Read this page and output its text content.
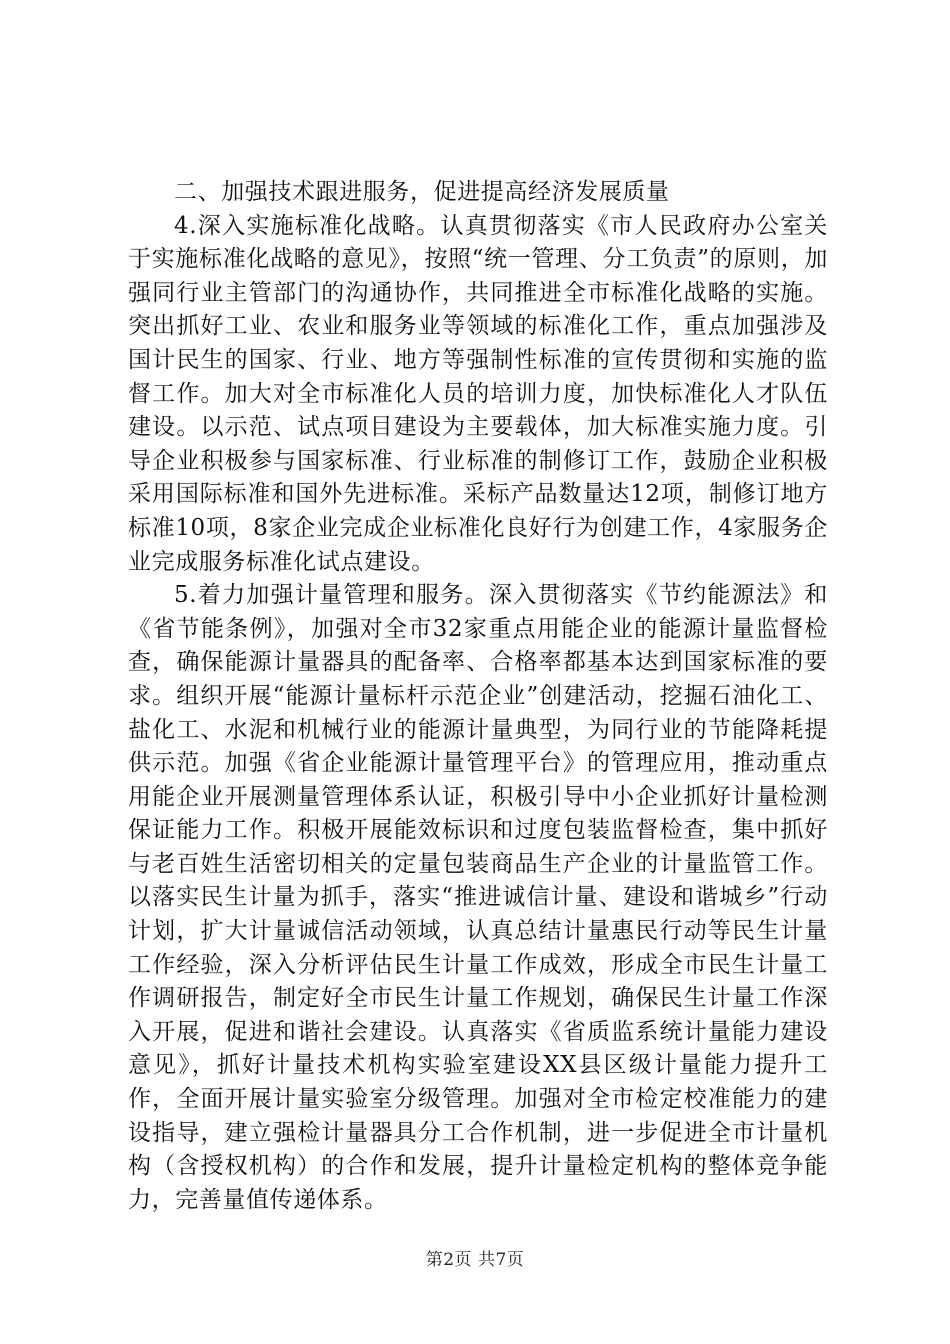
二、加强技术跟进服务，促进提高经济发展质量

4.深入实施标准化战略。认真贯彻落实《市人民政府办公室关于实施标准化战略的意见》，按照“统一管理、分工负责”的原则，加强同行业主管部门的沟通协作，共同推进全市标准化战略的实施。突出抓好工业、农业和服务业等领域的标准化工作，重点加强涉及国计民生的国家、行业、地方等强制性标准的宣传贯彻和实施的监督工作。加大对全市标准化人员的培训力度，加快标准化人才队伍建设。以示范、试点项目建设为主要载体，加大标准实施力度。引导企业积极参与国家标准、行业标准的制修订工作，鼓励企业积极采用国际标准和国外先进标准。采标产品数量达12项，制修订地方标准10项，8家企业完成企业标准化良好行为创建工作，4家服务企业完成服务标准化试点建设。

5.着力加强计量管理和服务。深入贯彻落实《节约能源法》和《省节能条例》，加强对全市32家重点用能企业的能源计量监督检查，确保能源计量器具的配备率、合格率都基本达到国家标准的要求。组织开展“能源计量标杆示范企业”创建活动，挖掘石油化工、盐化工、水泥和机械行业的能源计量典型，为同行业的节能降耗提供示范。加强《省企业能源计量管理平台》的管理应用，推动重点用能企业开展测量管理体系认证，积极引导中小企业抓好计量检测保证能力工作。积极开展能效标识和过度包装监督检查，集中抓好与老百姓生活密切相关的定量包装商品生产企业的计量监管工作。以落实民生计量为抓手，落实“推进诚信计量、建设和谐城乡”行动计划，扩大计量诚信活动领域，认真总结计量惠民行动等民生计量工作经验，深入分析评估民生计量工作成效，形成全市民生计量工作调研报告，制定好全市民生计量工作规划，确保民生计量工作深入开展，促进和谐社会建设。认真落实《省质监系统计量能力建设意见》，抓好计量技术机构实验室建设XX县区级计量能力提升工作，全面开展计量实验室分级管理。加强对全市检定校准能力的建设指导，建立强检计量器具分工合作机制，进一步促进全市计量机构（含授权机构）的合作和发展，提升计量检定机构的整体竞争能力，完善量值传递体系。

第2页 共7页
